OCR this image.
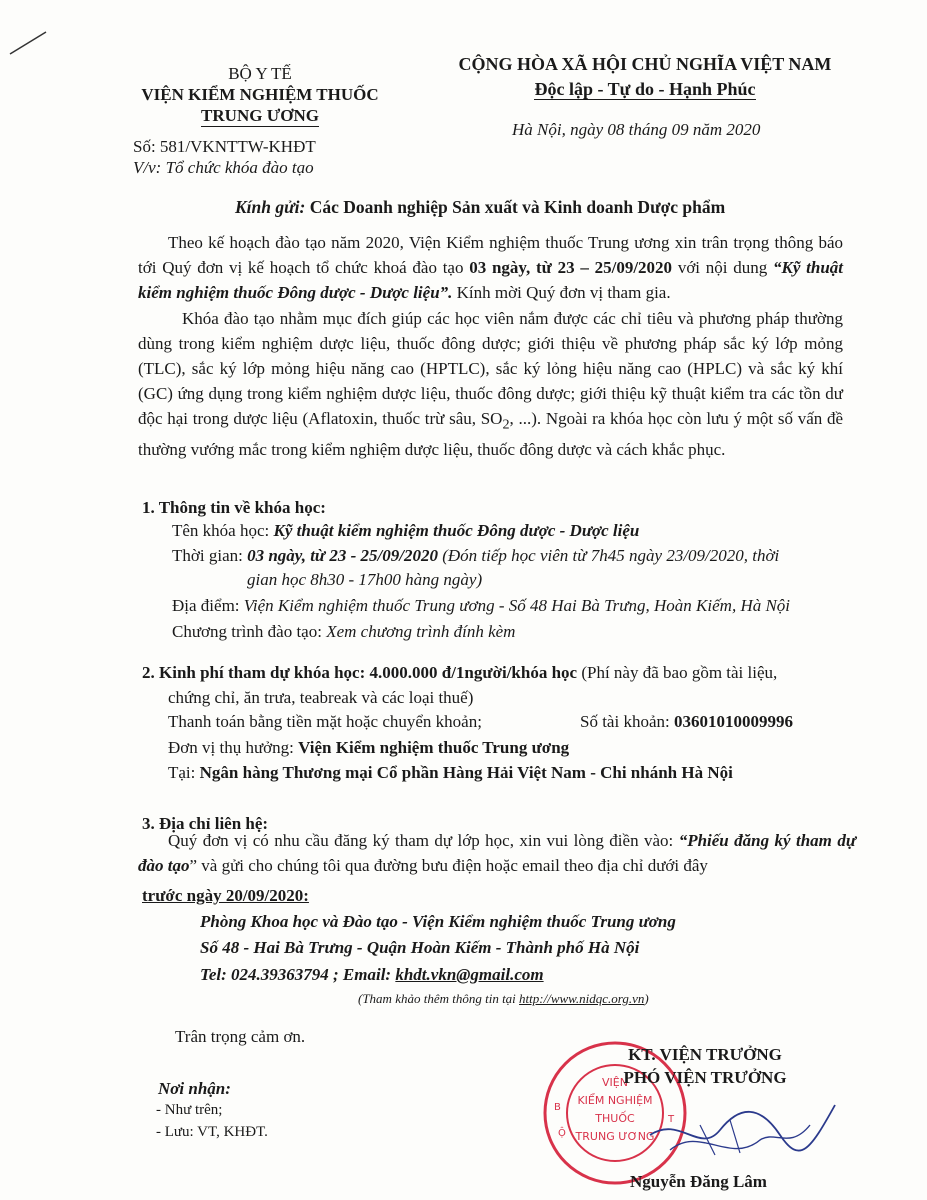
BỘ Y TẾ
VIỆN KIỂM NGHIỆM THUỐC
TRUNG ƯƠNG
Số: 581/VKNTTW-KHĐT
V/v: Tổ chức khóa đào tạo
CỘNG HÒA XÃ HỘI CHỦ NGHĨA VIỆT NAM
Độc lập - Tự do - Hạnh Phúc
Hà Nội, ngày 08 tháng 09 năm 2020
Kính gửi: Các Doanh nghiệp Sản xuất và Kinh doanh Dược phẩm

Theo kế hoạch đào tạo năm 2020, Viện Kiểm nghiệm thuốc Trung ương xin trân trọng thông báo tới Quý đơn vị kế hoạch tổ chức khoá đào tạo 03 ngày, từ 23 – 25/09/2020 với nội dung “Kỹ thuật kiểm nghiệm thuốc Đông dược - Dược liệu”. Kính mời Quý đơn vị tham gia.

Khóa đào tạo nhằm mục đích giúp các học viên nắm được các chỉ tiêu và phương pháp thường dùng trong kiểm nghiệm dược liệu, thuốc đông dược; giới thiệu về phương pháp sắc ký lớp mỏng (TLC), sắc ký lớp mỏng hiệu năng cao (HPTLC), sắc ký lỏng hiệu năng cao (HPLC) và sắc ký khí (GC) ứng dụng trong kiểm nghiệm dược liệu, thuốc đông dược; giới thiệu kỹ thuật kiểm tra các tồn dư độc hại trong dược liệu (Aflatoxin, thuốc trừ sâu, $SO_2$, ...). Ngoài ra khóa học còn lưu ý một số vấn đề thường vướng mắc trong kiểm nghiệm dược liệu, thuốc đông dược và cách khắc phục.

1. Thông tin về khóa học:
Tên khóa học: Kỹ thuật kiểm nghiệm thuốc Đông dược - Dược liệu
Thời gian: 03 ngày, từ 23 - 25/09/2020 (Đón tiếp học viên từ 7h45 ngày 23/09/2020, thời
gian học 8h30 - 17h00 hàng ngày)
Địa điểm: Viện Kiểm nghiệm thuốc Trung ương - Số 48 Hai Bà Trưng, Hoàn Kiếm, Hà Nội
Chương trình đào tạo: Xem chương trình đính kèm
2. Kinh phí tham dự khóa học: 4.000.000 đ/1người/khóa học (Phí này đã bao gồm tài liệu,
chứng chỉ, ăn trưa, teabreak và các loại thuế)
Thanh toán bằng tiền mặt hoặc chuyển khoản;	Số tài khoản: 03601010009996
Đơn vị thụ hưởng: Viện Kiểm nghiệm thuốc Trung ương
Tại: Ngân hàng Thương mại Cổ phần Hàng Hải Việt Nam - Chi nhánh Hà Nội
3. Địa chỉ liên hệ:

Quý đơn vị có nhu cầu đăng ký tham dự lớp học, xin vui lòng điền vào: “Phiếu đăng ký tham dự đào tạo” và gửi cho chúng tôi qua đường bưu điện hoặc email theo địa chỉ dưới đây

trước ngày 20/09/2020:
Phòng Khoa học và Đào tạo - Viện Kiểm nghiệm thuốc Trung ương
Số 48 - Hai Bà Trưng - Quận Hoàn Kiếm - Thành phố Hà Nội
Tel: 024.39363794 ; Email: khdt.vkn@gmail.com
(Tham khảo thêm thông tin tại http://www.nidqc.org.vn)
Trân trọng cảm ơn.
Nơi nhận:
- Như trên;
- Lưu: VT, KHĐT.
B
Ộ
T
VIỆN
KIỂM NGHIỆM
THUỐC
TRUNG ƯƠNG
KT. VIỆN TRƯỞNG
PHÓ VIỆN TRƯỞNG
Nguyễn Đăng Lâm
